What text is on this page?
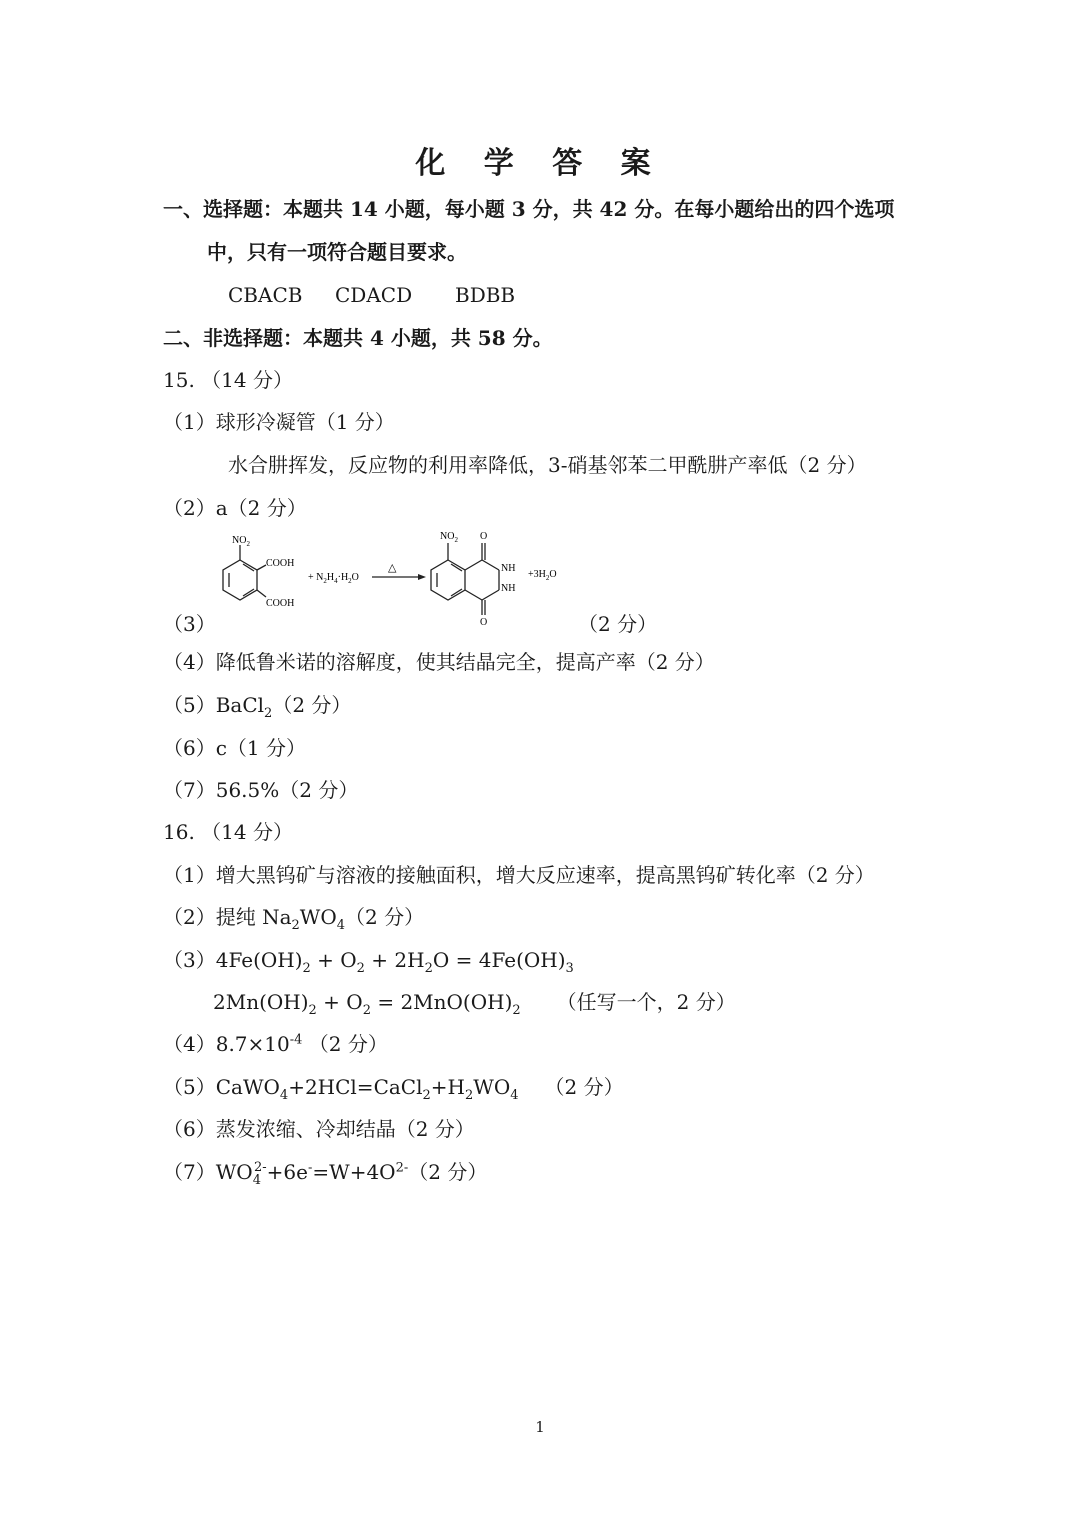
化 学 答 案
一、选择题：本题共 14 小题，每小题 3 分，共 42 分。在每小题给出的四个选项
中，只有一项符合题目要求。
CBACB CDACD BDBB
二、非选择题：本题共 4 小题，共 58 分。
15. （14 分）
（1）球形冷凝管（1 分）
水合肼挥发，反应物的利用率降低，3-硝基邻苯二甲酰肼产率低（2 分）
（2）a（2 分）
$NO_2$
COOH
COOH
+ $N_2H_4\cdot H_2O$
△
$NO_2$ O
NH
NH
O
$+3H_2O$
（3）	（2 分）
（4）降低鲁米诺的溶解度，使其结晶完全，提高产率（2 分）
（5）BaCl$_2$（2 分）
（6）c（1 分）
（7）56.5%（2 分）
16. （14 分）
（1）增大黑钨矿与溶液的接触面积，增大反应速率，提高黑钨矿转化率（2 分）
（2）提纯 $Na_2WO_4(2$ 分）
$(3)4Fe(OH)_2 + O_2 + 2H_2O = 4Fe(OH)_3$
$2Mn(OH)_2 + O_2 = 2MnO(OH)_2$ （任写一个，2 分）
$(4)8.7\times 10^{-4}$ （2 分）
$(5)CaWO_4+2HCl=CaCl_2+H_2WO_4$ （2 分）
（6）蒸发浓缩、冷却结晶（2 分）
$(7)WO_4^{2-}+6e^-=W+4O^{2-}(2$ 分）
1
